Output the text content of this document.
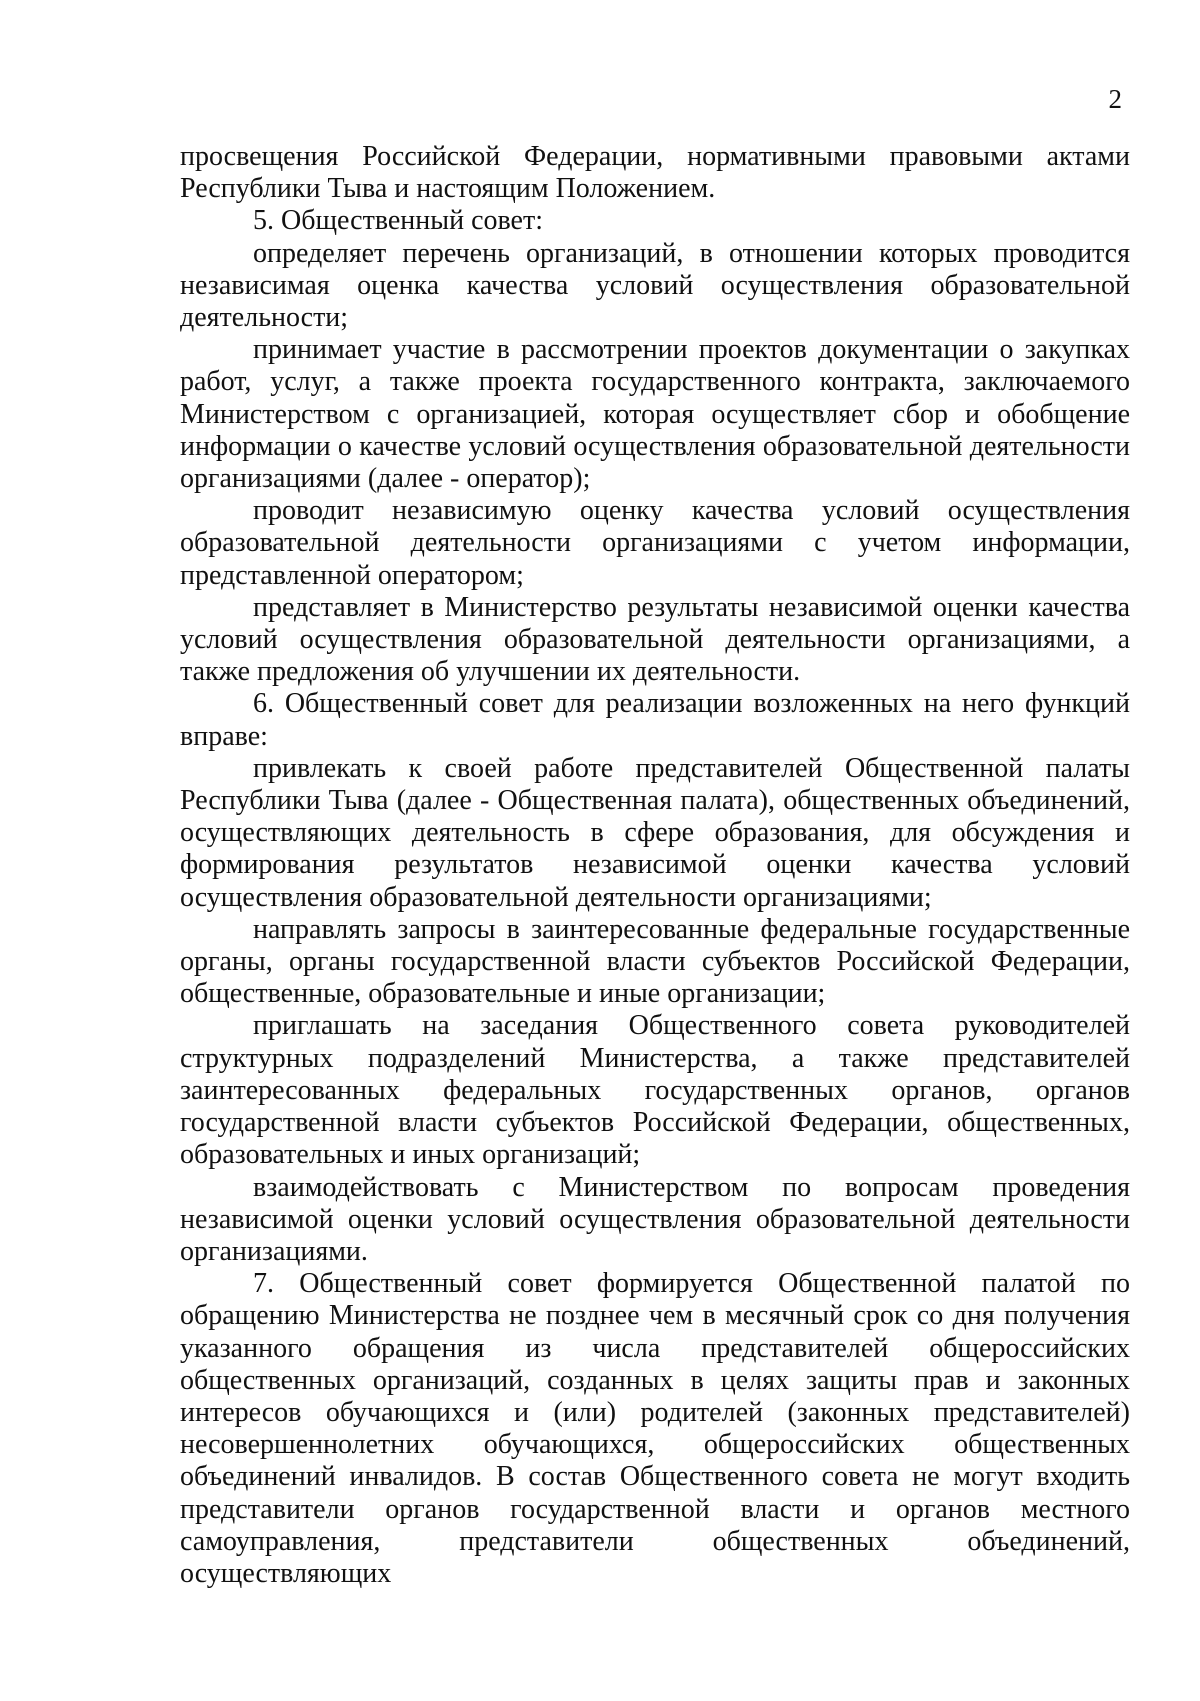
2

просвещения Российской Федерации, нормативными правовыми актами Республики Тыва и настоящим Положением.

5. Общественный совет:

определяет перечень организаций, в отношении которых проводится независимая оценка качества условий осуществления образовательной деятельности;

принимает участие в рассмотрении проектов документации о закупках работ, услуг, а также проекта государственного контракта, заключаемого Министерством с организацией, которая осуществляет сбор и обобщение информации о качестве условий осуществления образовательной деятельности организациями (далее - оператор);

проводит независимую оценку качества условий осуществления образовательной деятельности организациями с учетом информации, представленной оператором;

представляет в Министерство результаты независимой оценки качества условий осуществления образовательной деятельности организациями, а также предложения об улучшении их деятельности.

6. Общественный совет для реализации возложенных на него функций вправе:

привлекать к своей работе представителей Общественной палаты Республики Тыва (далее - Общественная палата), общественных объединений, осуществляющих деятельность в сфере образования, для обсуждения и формирования результатов независимой оценки качества условий осуществления образовательной деятельности организациями;

направлять запросы в заинтересованные федеральные государственные органы, органы государственной власти субъектов Российской Федерации, общественные, образовательные и иные организации;

приглашать на заседания Общественного совета руководителей структурных подразделений Министерства, а также представителей заинтересованных федеральных государственных органов, органов государственной власти субъектов Российской Федерации, общественных, образовательных и иных организаций;

взаимодействовать с Министерством по вопросам проведения независимой оценки условий осуществления образовательной деятельности организациями.

7. Общественный совет формируется Общественной палатой по обращению Министерства не позднее чем в месячный срок со дня получения указанного обращения из числа представителей общероссийских общественных организаций, созданных в целях защиты прав и законных интересов обучающихся и (или) родителей (законных представителей) несовершеннолетних обучающихся, общероссийских общественных объединений инвалидов. В состав Общественного совета не могут входить представители органов государственной власти и органов местного самоуправления, представители общественных объединений, осуществляющих
